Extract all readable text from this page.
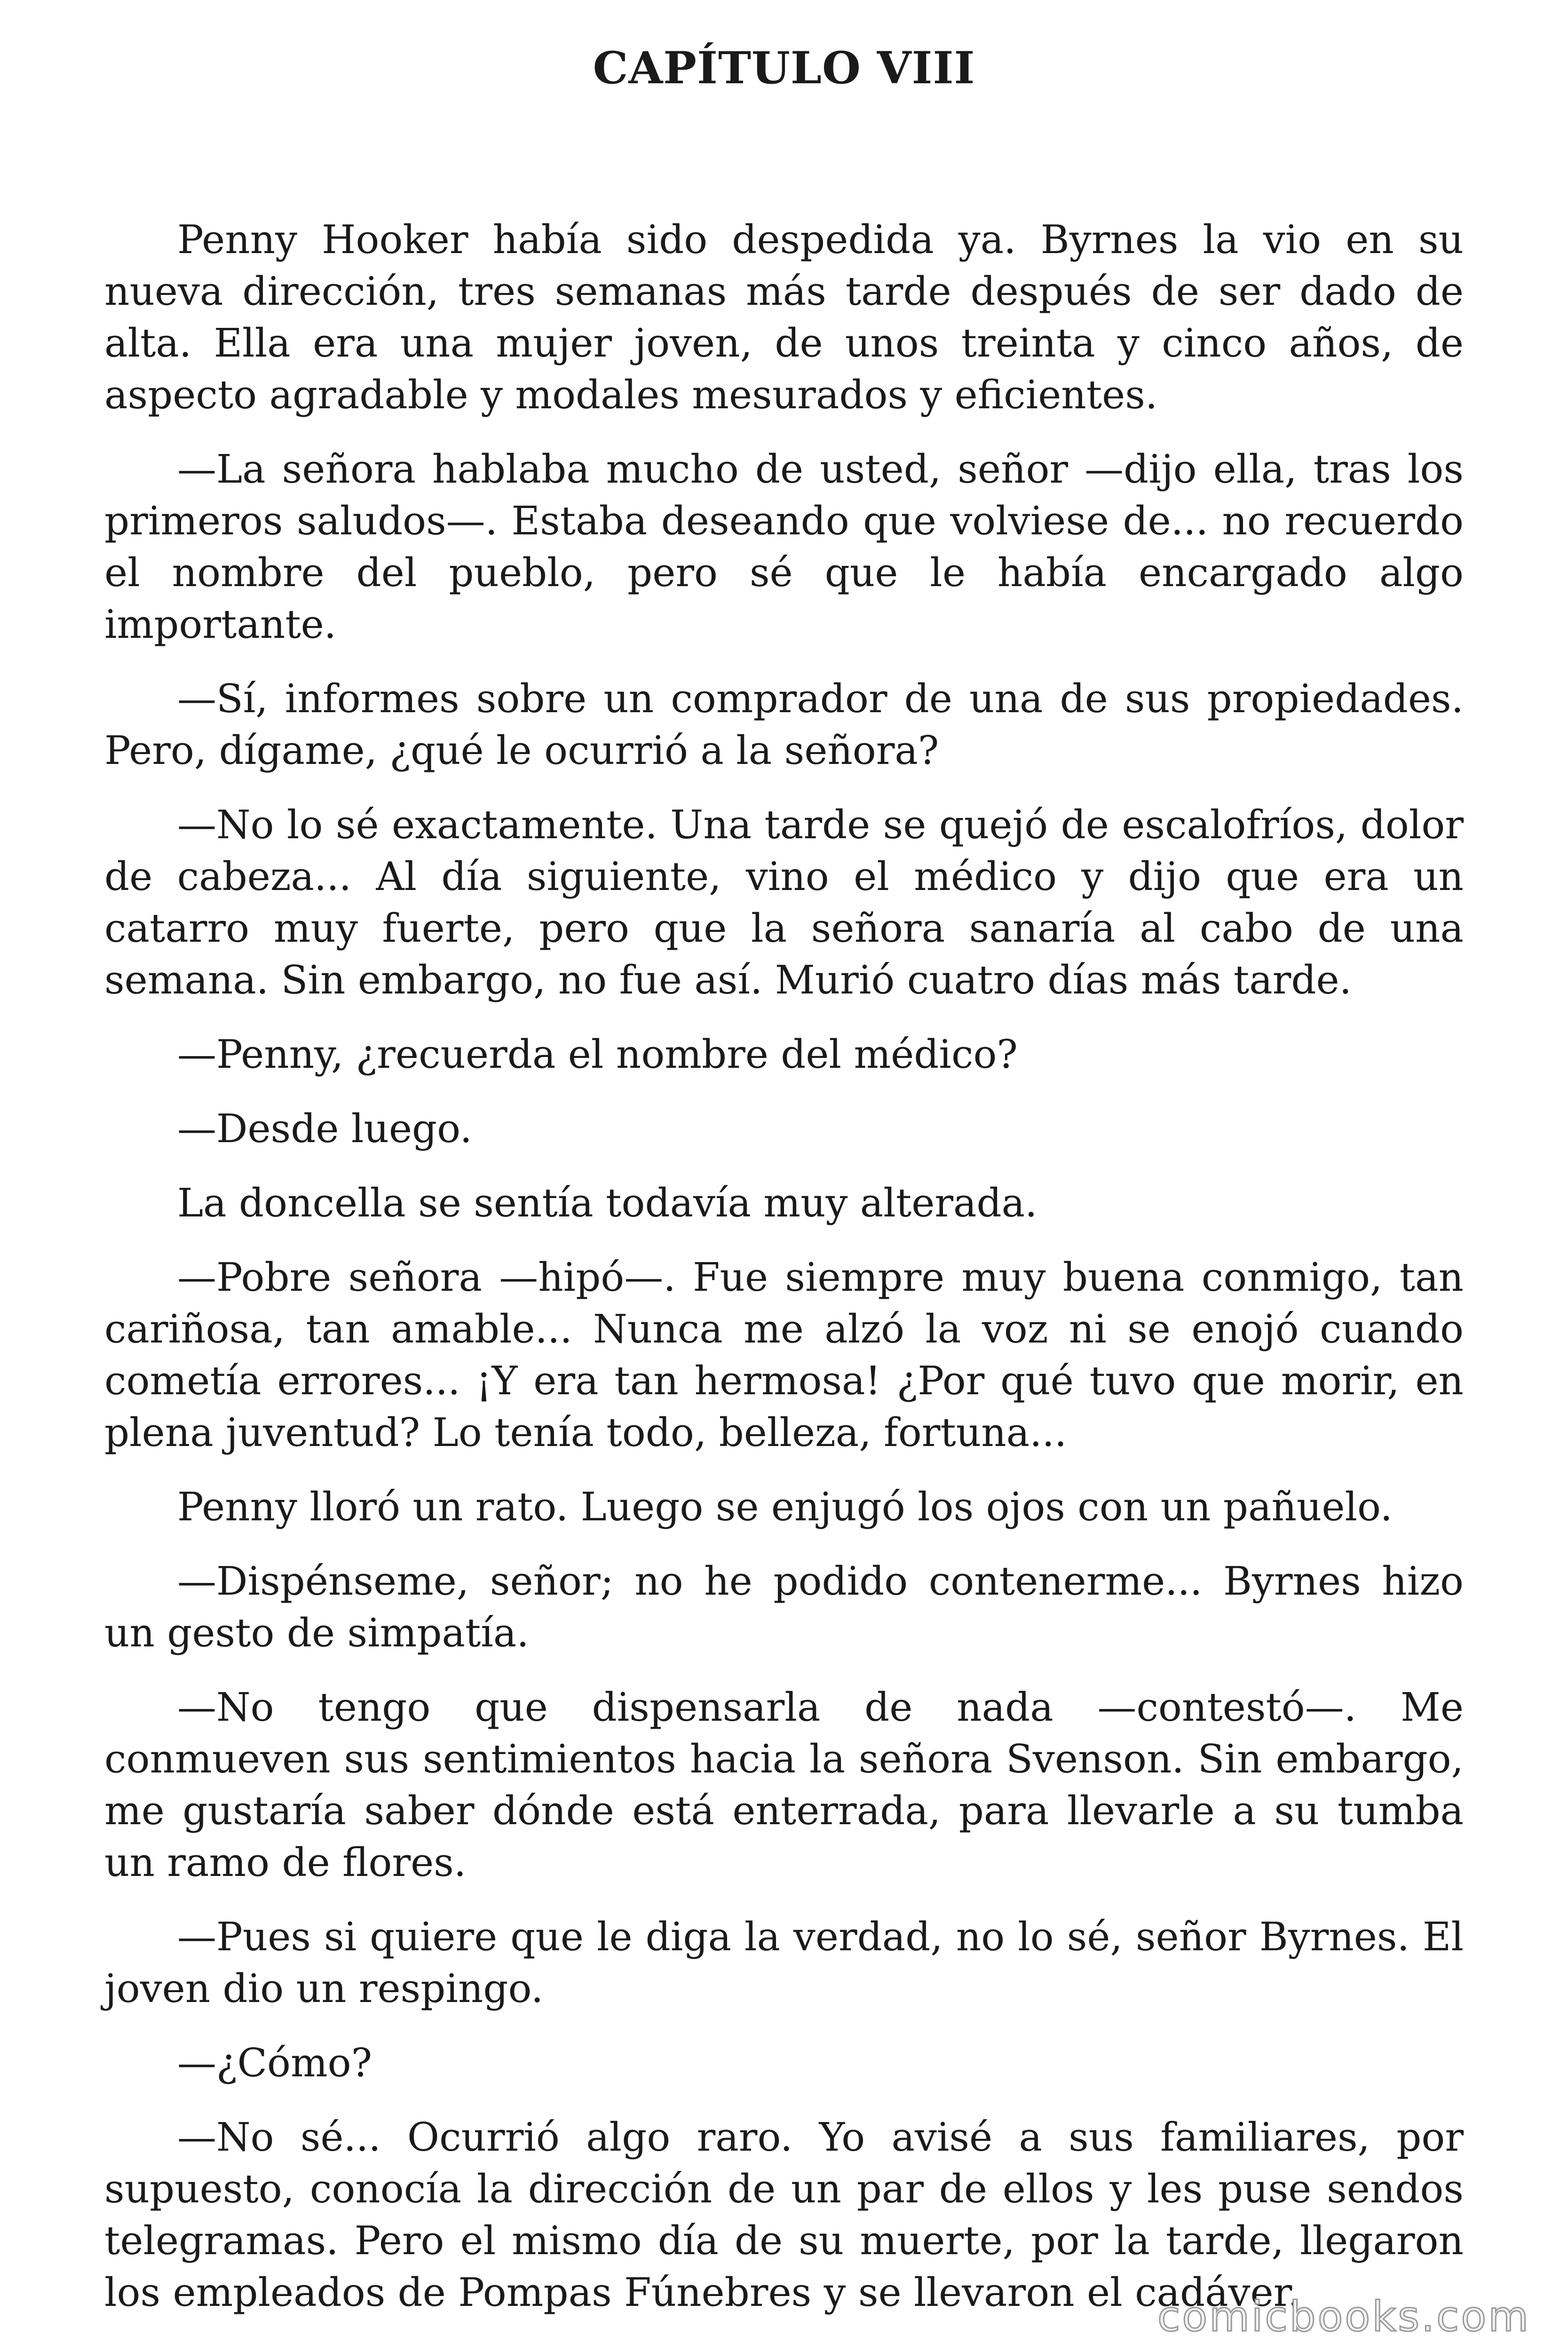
CAPÍTULO VIII

Penny Hooker había sido despedida ya. Byrnes la vio en su nueva dirección, tres semanas más tarde después de ser dado de alta. Ella era una mujer joven, de unos treinta y cinco años, de aspecto agradable y modales mesurados y eficientes.

—La señora hablaba mucho de usted, señor —dijo ella, tras los primeros saludos—. Estaba deseando que volviese de... no recuerdo el nombre del pueblo, pero sé que le había encargado algo importante.

—Sí, informes sobre un comprador de una de sus propiedades. Pero, dígame, ¿qué le ocurrió a la señora?

—No lo sé exactamente. Una tarde se quejó de escalofríos, dolor de cabeza... Al día siguiente, vino el médico y dijo que era un catarro muy fuerte, pero que la señora sanaría al cabo de una semana. Sin embargo, no fue así. Murió cuatro días más tarde.

—Penny, ¿recuerda el nombre del médico?

—Desde luego.

La doncella se sentía todavía muy alterada.

—Pobre señora —hipó—. Fue siempre muy buena conmigo, tan cariñosa, tan amable... Nunca me alzó la voz ni se enojó cuando cometía errores... ¡Y era tan hermosa! ¿Por qué tuvo que morir, en plena juventud? Lo tenía todo, belleza, fortuna...

Penny lloró un rato. Luego se enjugó los ojos con un pañuelo.

—Dispénseme, señor; no he podido contenerme... Byrnes hizo un gesto de simpatía.

—No tengo que dispensarla de nada —contestó—. Me conmueven sus sentimientos hacia la señora Svenson. Sin embargo, me gustaría saber dónde está enterrada, para llevarle a su tumba un ramo de flores.

—Pues si quiere que le diga la verdad, no lo sé, señor Byrnes. El joven dio un respingo.

—¿Cómo?

—No sé... Ocurrió algo raro. Yo avisé a sus familiares, por supuesto, conocía la dirección de un par de ellos y les puse sendos telegramas. Pero el mismo día de su muerte, por la tarde, llegaron los empleados de Pompas Fúnebres y se llevaron el cadáver.

comicbooks.com
